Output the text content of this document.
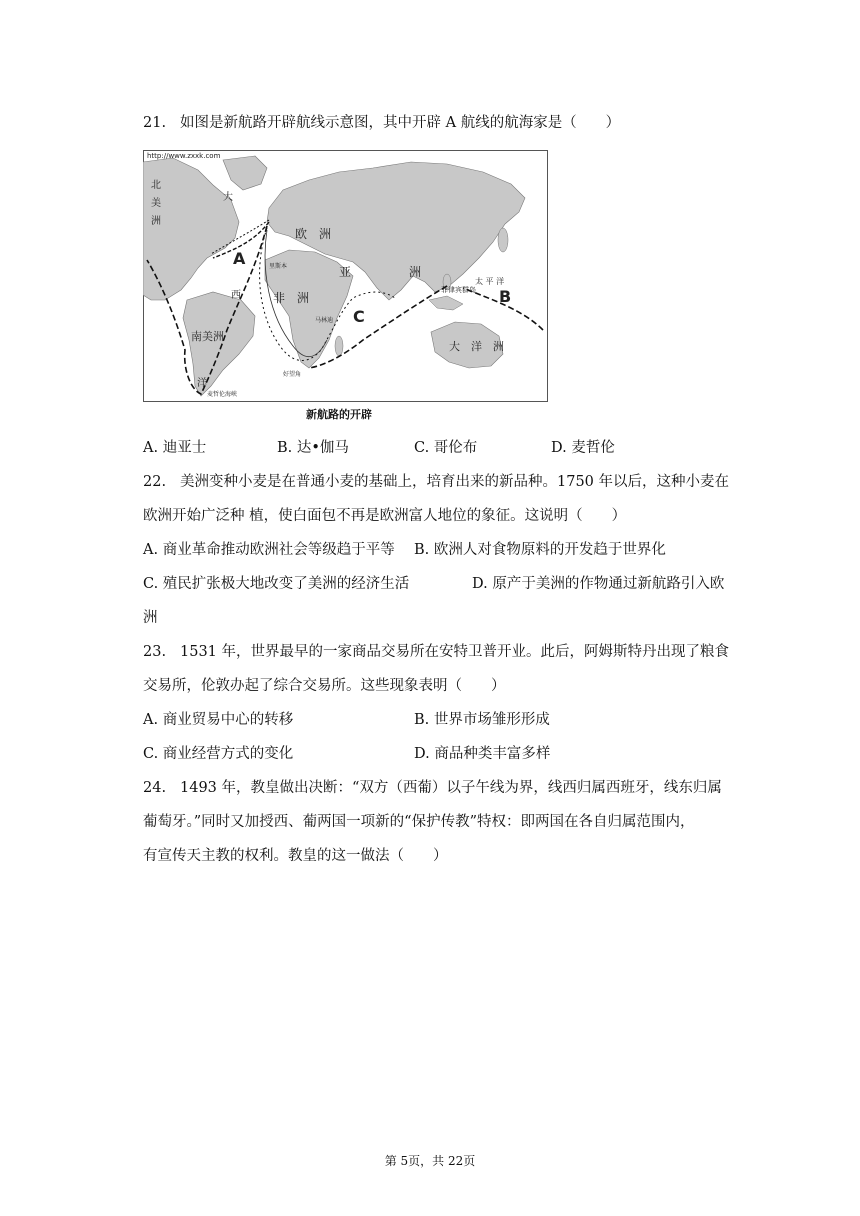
21. 如图是新航路开辟航线示意图，其中开辟 A 航线的航海家是（　　）
http://www.zxxk.com
北
美
洲
大
西
洋
欧　洲
亚	洲
非　洲
南美洲
太 平 洋
大　洋　洲
菲律宾群岛
A
B
C
里斯本
马林迪
好望角
麦哲伦海峡
新航路的开辟
A. 迪亚士	B. 达•伽马	C. 哥伦布	D. 麦哲伦
22. 美洲变种小麦是在普通小麦的基础上，培育出来的新品种。1750 年以后，这种小麦在
欧洲开始广泛种 植，使白面包不再是欧洲富人地位的象征。这说明（　　）
A. 商业革命推动欧洲社会等级趋于平等 B. 欧洲人对食物原料的开发趋于世界化
C. 殖民扩张极大地改变了美洲的经济生活	D. 原产于美洲的作物通过新航路引入欧
洲
23. 1531 年，世界最早的一家商品交易所在安特卫普开业。此后，阿姆斯特丹出现了粮食
交易所，伦敦办起了综合交易所。这些现象表明（　　）
A. 商业贸易中心的转移	B. 世界市场雏形形成
C. 商业经营方式的变化	D. 商品种类丰富多样
24. 1493 年，教皇做出决断：“双方（西葡）以子午线为界，线西归属西班牙，线东归属
葡萄牙。”同时又加授西、葡两国一项新的“保护传教”特权：即两国在各自归属范围内，
有宣传天主教的权利。教皇的这一做法（　　）
第 5页，共 22页
